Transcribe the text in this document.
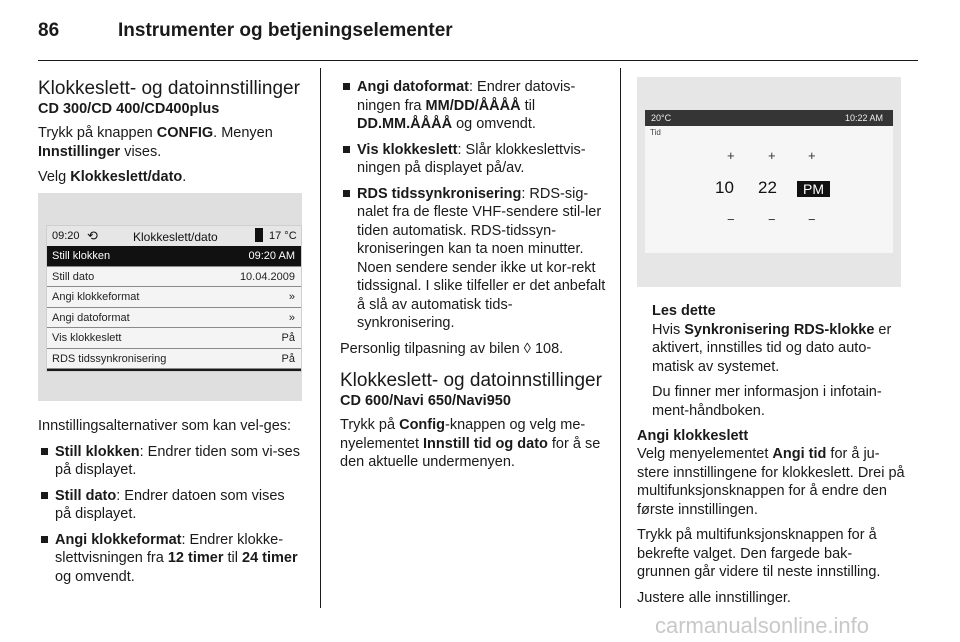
86	Instrumenter og betjeningselementer
Klokkeslett- og datoinnstillinger
CD 300/CD 400/CD400plus

Trykk på knappen CONFIG. Menyen Innstillinger vises.

Velg Klokkeslett/dato.

09:20 ⟲	Klokkeslett/dato	17 °C
Still klokken	09:20 AM
Still dato	10.04.2009
Angi klokkeformat	»
Angi datoformat	»
Vis klokkeslett	På
RDS tidssynkronisering	På

Innstillingsalternativer som kan vel-ges:

Still klokken: Endrer tiden som vi-ses på displayet.
Still dato: Endrer datoen som vises på displayet.
Angi klokkeformat: Endrer klokke-slettvisningen fra 12 timer til 24 timer og omvendt.
Angi datoformat: Endrer datovis-ningen fra MM/DD/ÅÅÅÅ til DD.MM.ÅÅÅÅ og omvendt.
Vis klokkeslett: Slår klokkeslettvis-ningen på displayet på/av.
RDS tidssynkronisering: RDS-sig-nalet fra de fleste VHF-sendere stil-ler tiden automatisk. RDS-tidssyn-kroniseringen kan ta noen minutter. Noen sendere sender ikke ut kor-rekt tidssignal. I slike tilfeller er det anbefalt å slå av automatisk tids-synkronisering.

Personlig tilpasning av bilen ◊ 108.

Klokkeslett- og datoinnstillinger
CD 600/Navi 650/Navi950

Trykk på Config-knappen og velg me-nyelementet Innstill tid og dato for å se den aktuelle undermenyen.

20°C	10:22 AM
Tid
+	+ +
10 22	PM
−	− −

Les dette

Hvis Synkronisering RDS-klokke er aktivert, innstilles tid og dato auto-matisk av systemet.

Du finner mer informasjon i infotain-ment-håndboken.

Angi klokkeslett

Velg menyelementet Angi tid for å ju-stere innstillingene for klokkeslett. Drei på multifunksjonsknappen for å endre den første innstillingen.

Trykk på multifunksjonsknappen for å bekrefte valget. Den fargede bak-grunnen går videre til neste innstilling.

Justere alle innstillinger.

carmanualsonline.info
